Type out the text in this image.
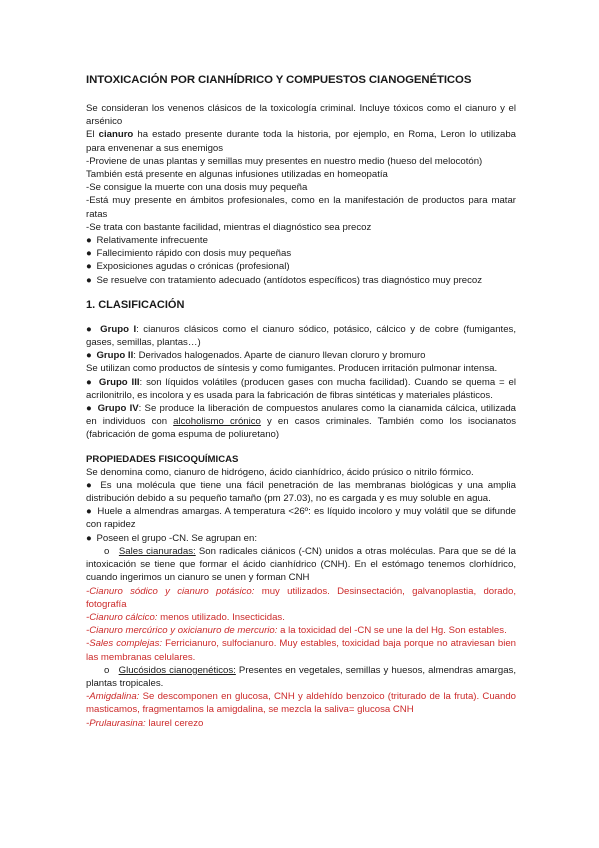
INTOXICACIÓN POR CIANHÍDRICO Y COMPUESTOS CIANOGENÉTICOS

Se consideran los venenos clásicos de la toxicología criminal. Incluye tóxicos como el cianuro y el arsénico

El cianuro ha estado presente durante toda la historia, por ejemplo, en Roma, Leron lo utilizaba para envenenar a sus enemigos

-Proviene de unas plantas y semillas muy presentes en nuestro medio (hueso del melocotón)

También está presente en algunas infusiones utilizadas en homeopatía

-Se consigue la muerte con una dosis muy pequeña

-Está muy presente en ámbitos profesionales, como en la manifestación de productos para matar ratas

-Se trata con bastante facilidad, mientras el diagnóstico sea precoz

● Relativamente infrecuente

● Fallecimiento rápido con dosis muy pequeñas

● Exposiciones agudas o crónicas (profesional)

● Se resuelve con tratamiento adecuado (antídotos específicos) tras diagnóstico muy precoz

1. CLASIFICACIÓN

● Grupo I: cianuros clásicos como el cianuro sódico, potásico, cálcico y de cobre (fumigantes, gases, semillas, plantas…)

● Grupo II: Derivados halogenados. Aparte de cianuro llevan cloruro y bromuro

Se utilizan como productos de síntesis y como fumigantes. Producen irritación pulmonar intensa.

● Grupo III: son líquidos volátiles (producen gases con mucha facilidad). Cuando se quema = el acrilonitrilo, es incolora y es usada para la fabricación de fibras sintéticas y materiales plásticos.

● Grupo IV: Se produce la liberación de compuestos anulares como la cianamida cálcica, utilizada en individuos con alcoholismo crónico y en casos criminales. También como los isocianatos (fabricación de goma espuma de poliuretano)

PROPIEDADES FISICOQUÍMICAS

Se denomina como, cianuro de hidrógeno, ácido cianhídrico, ácido prúsico o nitrilo fórmico.

● Es una molécula que tiene una fácil penetración de las membranas biológicas y una amplia distribución debido a su pequeño tamaño (pm 27.03), no es cargada y es muy soluble en agua.

● Huele a almendras amargas. A temperatura <26º: es líquido incoloro y muy volátil que se difunde con rapidez

● Poseen el grupo -CN. Se agrupan en:

o Sales cianuradas: Son radicales ciánicos (-CN) unidos a otras moléculas. Para que se dé la intoxicación se tiene que formar el ácido cianhídrico (CNH). En el estómago tenemos clorhídrico, cuando ingerimos un cianuro se unen y forman CNH

-Cianuro sódico y cianuro potásico: muy utilizados. Desinsectación, galvanoplastia, dorado, fotografía

-Cianuro cálcico: menos utilizado. Insecticidas.

-Cianuro mercúrico y oxicianuro de mercurio: a la toxicidad del -CN se une la del Hg. Son estables.

-Sales complejas: Ferricianuro, sulfocianuro. Muy estables, toxicidad baja porque no atraviesan bien las membranas celulares.

o Glucósidos cianogenéticos: Presentes en vegetales, semillas y huesos, almendras amargas, plantas tropicales.

-Amigdalina: Se descomponen en glucosa, CNH y aldehído benzoico (triturado de la fruta). Cuando masticamos, fragmentamos la amigdalina, se mezcla la saliva= glucosa CNH

-Prulaurasina: laurel cerezo
